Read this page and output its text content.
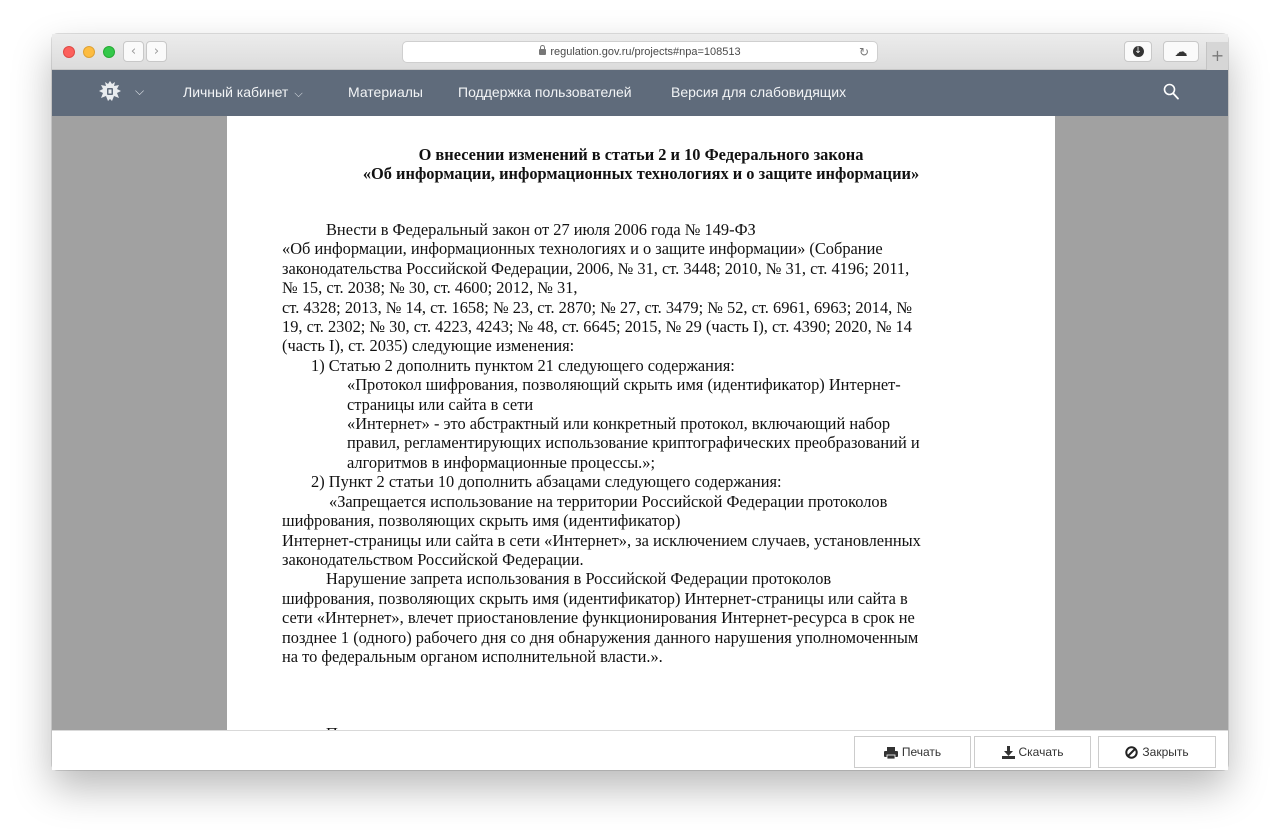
‹	›	regulation.gov.ru/projects#npa=108513	↻	↓	☁	+
⌵	Личный кабинет ⌵	Материалы	Поддержка пользователей	Версия для слабовидящих
О внесении изменений в статьи 2 и 10 Федерального закона
«Об информации, информационных технологиях и о защите информации»
Внести в Федеральный закон от 27 июля 2006 года № 149-ФЗ
«Об информации, информационных технологиях и о защите информации» (Собрание
законодательства Российской Федерации, 2006, № 31, ст. 3448; 2010, № 31, ст. 4196; 2011,
№ 15, ст. 2038; № 30, ст. 4600; 2012, № 31,
ст. 4328; 2013, № 14, ст. 1658; № 23, ст. 2870; № 27, ст. 3479; № 52, ст. 6961, 6963; 2014, №
19, ст. 2302; № 30, ст. 4223, 4243; № 48, ст. 6645; 2015, № 29 (часть I), ст. 4390; 2020, № 14
(часть I), ст. 2035) следующие изменения:
1) Статью 2 дополнить пунктом 21 следующего содержания:
«Протокол шифрования, позволяющий скрыть имя (идентификатор) Интернет-
страницы или сайта в сети
«Интернет» - это абстрактный или конкретный протокол, включающий набор
правил, регламентирующих использование криптографических преобразований и
алгоритмов в информационные процессы.»;
2) Пункт 2 статьи 10 дополнить абзацами следующего содержания:
«Запрещается использование на территории Российской Федерации протоколов
шифрования, позволяющих скрыть имя (идентификатор)
Интернет-страницы или сайта в сети «Интернет», за исключением случаев, установленных
законодательством Российской Федерации.
Нарушение запрета использования в Российской Федерации протоколов
шифрования, позволяющих скрыть имя (идентификатор) Интернет-страницы или сайта в
сети «Интернет», влечет приостановление функционирования Интернет-ресурса в срок не
позднее 1 (одного) рабочего дня со дня обнаружения данного нарушения уполномоченным
на то федеральным органом исполнительной власти.».
Печать	Скачать	Закрыть
